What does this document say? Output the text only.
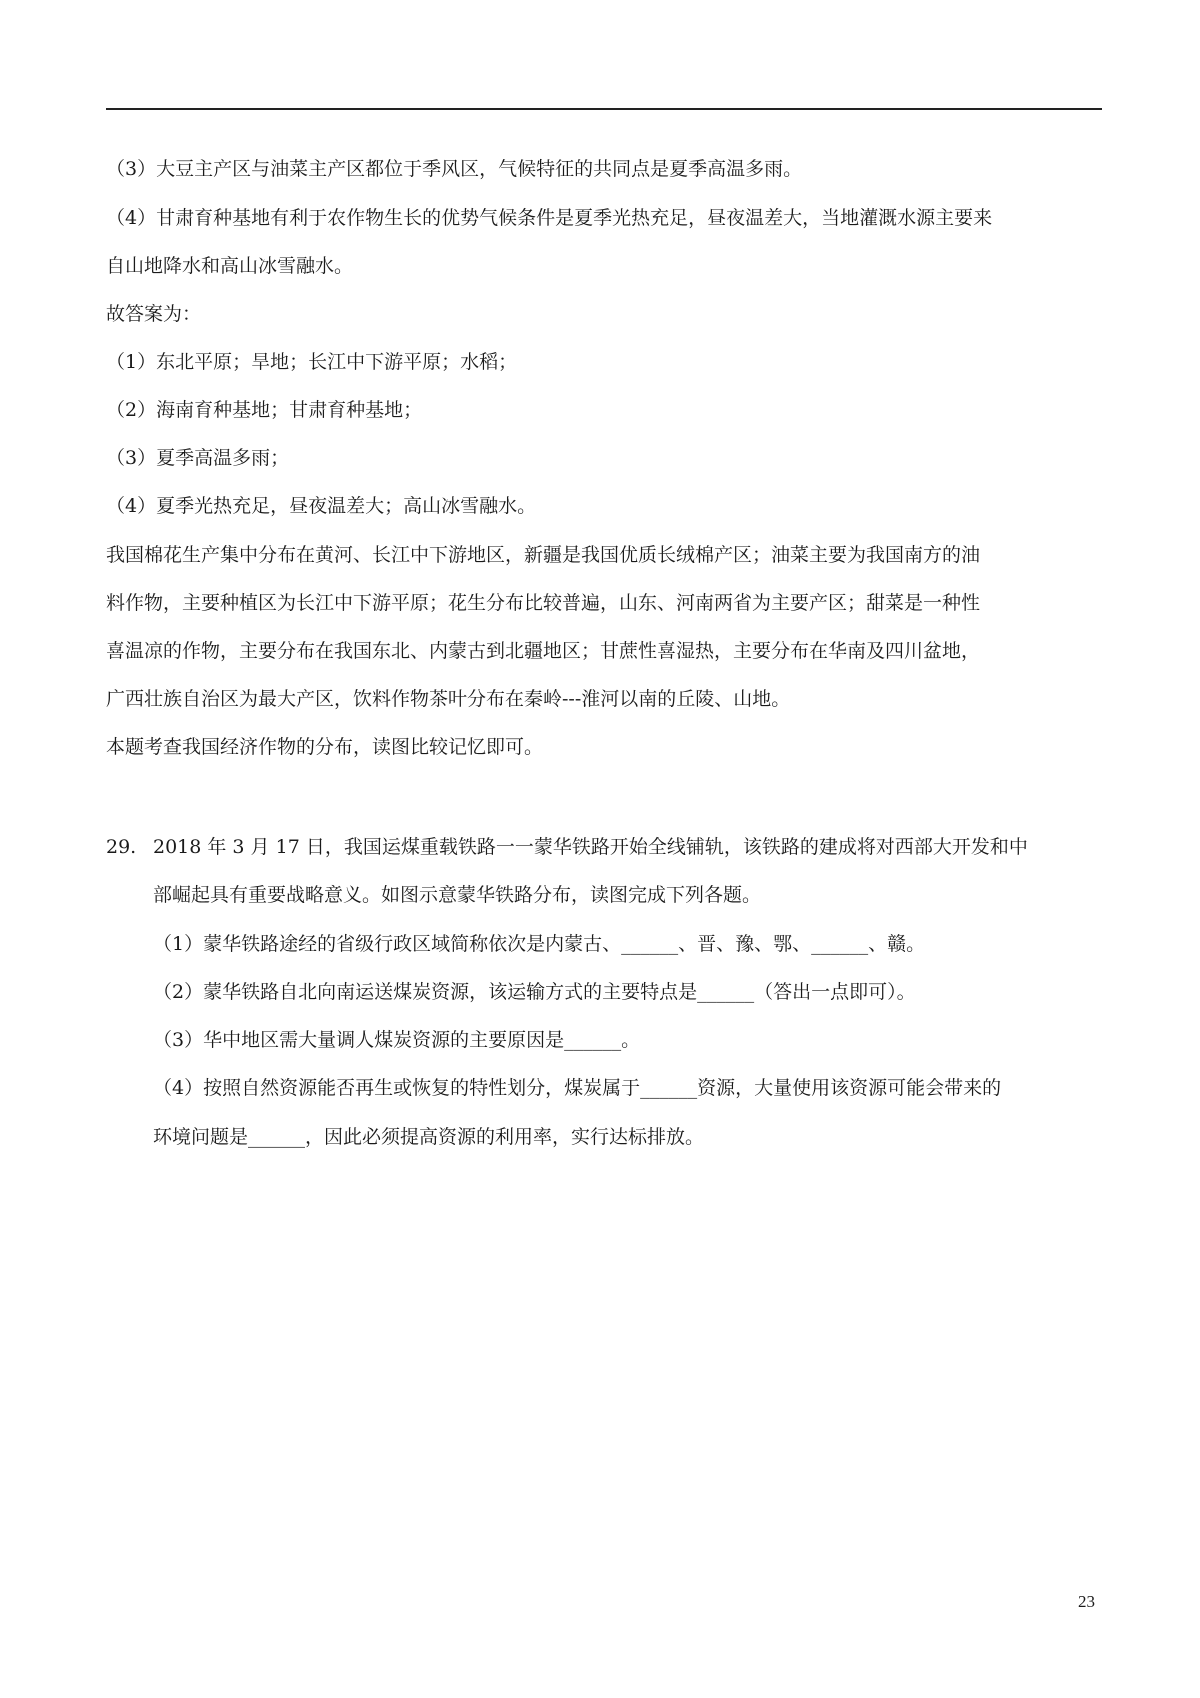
（3）大豆主产区与油菜主产区都位于季风区，气候特征的共同点是夏季高温多雨。
（4）甘肃育种基地有利于农作物生长的优势气候条件是夏季光热充足，昼夜温差大，当地灌溉水源主要来
自山地降水和高山冰雪融水。
故答案为：
（1）东北平原；旱地；长江中下游平原；水稻；
（2）海南育种基地；甘肃育种基地；
（3）夏季高温多雨；
（4）夏季光热充足，昼夜温差大；高山冰雪融水。
我国棉花生产集中分布在黄河、长江中下游地区，新疆是我国优质长绒棉产区；油菜主要为我国南方的油
料作物，主要种植区为长江中下游平原；花生分布比较普遍，山东、河南两省为主要产区；甜菜是一种性
喜温凉的作物，主要分布在我国东北、内蒙古到北疆地区；甘蔗性喜湿热，主要分布在华南及四川盆地，
广西壮族自治区为最大产区，饮料作物茶叶分布在秦岭---淮河以南的丘陵、山地。
本题考查我国经济作物的分布，读图比较记忆即可。
29. 2018 年 3 月 17 日，我国运煤重载铁路一一蒙华铁路开始全线铺轨，该铁路的建成将对西部大开发和中
部崛起具有重要战略意义。如图示意蒙华铁路分布，读图完成下列各题。
（1）蒙华铁路途经的省级行政区域简称依次是内蒙古、______、晋、豫、鄂、______、赣。
（2）蒙华铁路自北向南运送煤炭资源，该运输方式的主要特点是______（答出一点即可）。
（3）华中地区需大量调人煤炭资源的主要原因是______。
（4）按照自然资源能否再生或恢复的特性划分，煤炭属于______资源，大量使用该资源可能会带来的
环境问题是______，因此必须提高资源的利用率，实行达标排放。
23
